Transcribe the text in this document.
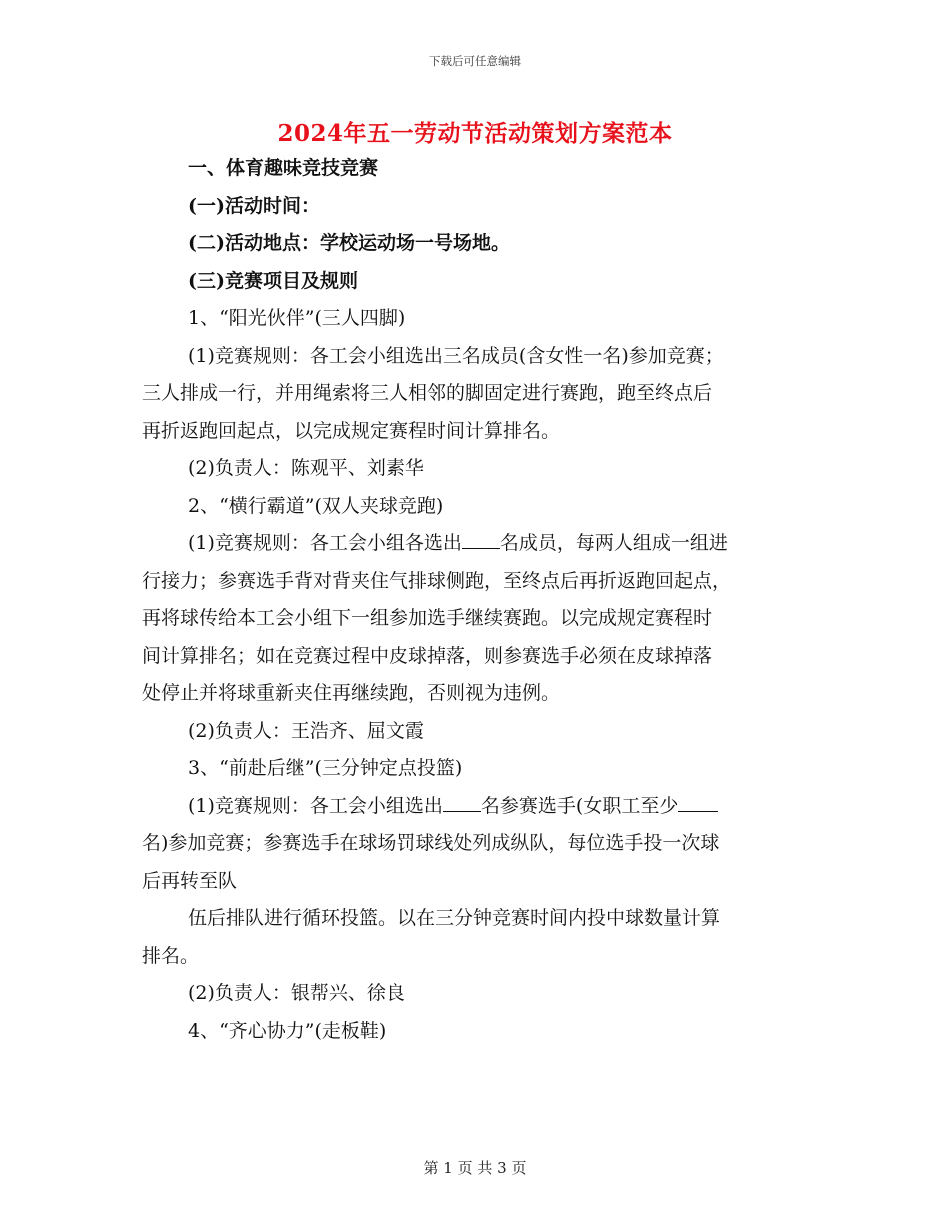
下载后可任意编辑
2024年五一劳动节活动策划方案范本
一、体育趣味竞技竞赛
(一)活动时间：
(二)活动地点：学校运动场一号场地。
(三)竞赛项目及规则
1、“阳光伙伴”(三人四脚)
(1)竞赛规则：各工会小组选出三名成员(含女性一名)参加竞赛；
三人排成一行，并用绳索将三人相邻的脚固定进行赛跑，跑至终点后
再折返跑回起点，以完成规定赛程时间计算排名。
(2)负责人：陈观平、刘素华
2、“横行霸道”(双人夹球竞跑)
(1)竞赛规则：各工会小组各选出 名成员，每两人组成一组进
行接力；参赛选手背对背夹住气排球侧跑，至终点后再折返跑回起点，
再将球传给本工会小组下一组参加选手继续赛跑。以完成规定赛程时
间计算排名；如在竞赛过程中皮球掉落，则参赛选手必须在皮球掉落
处停止并将球重新夹住再继续跑，否则视为违例。
(2)负责人：王浩齐、屈文霞
3、“前赴后继”(三分钟定点投篮)
(1)竞赛规则：各工会小组选出 名参赛选手(女职工至少
名)参加竞赛；参赛选手在球场罚球线处列成纵队，每位选手投一次球
后再转至队
伍后排队进行循环投篮。以在三分钟竞赛时间内投中球数量计算
排名。
(2)负责人：银帮兴、徐良
4、“齐心协力”(走板鞋)
第 1 页 共 3 页
